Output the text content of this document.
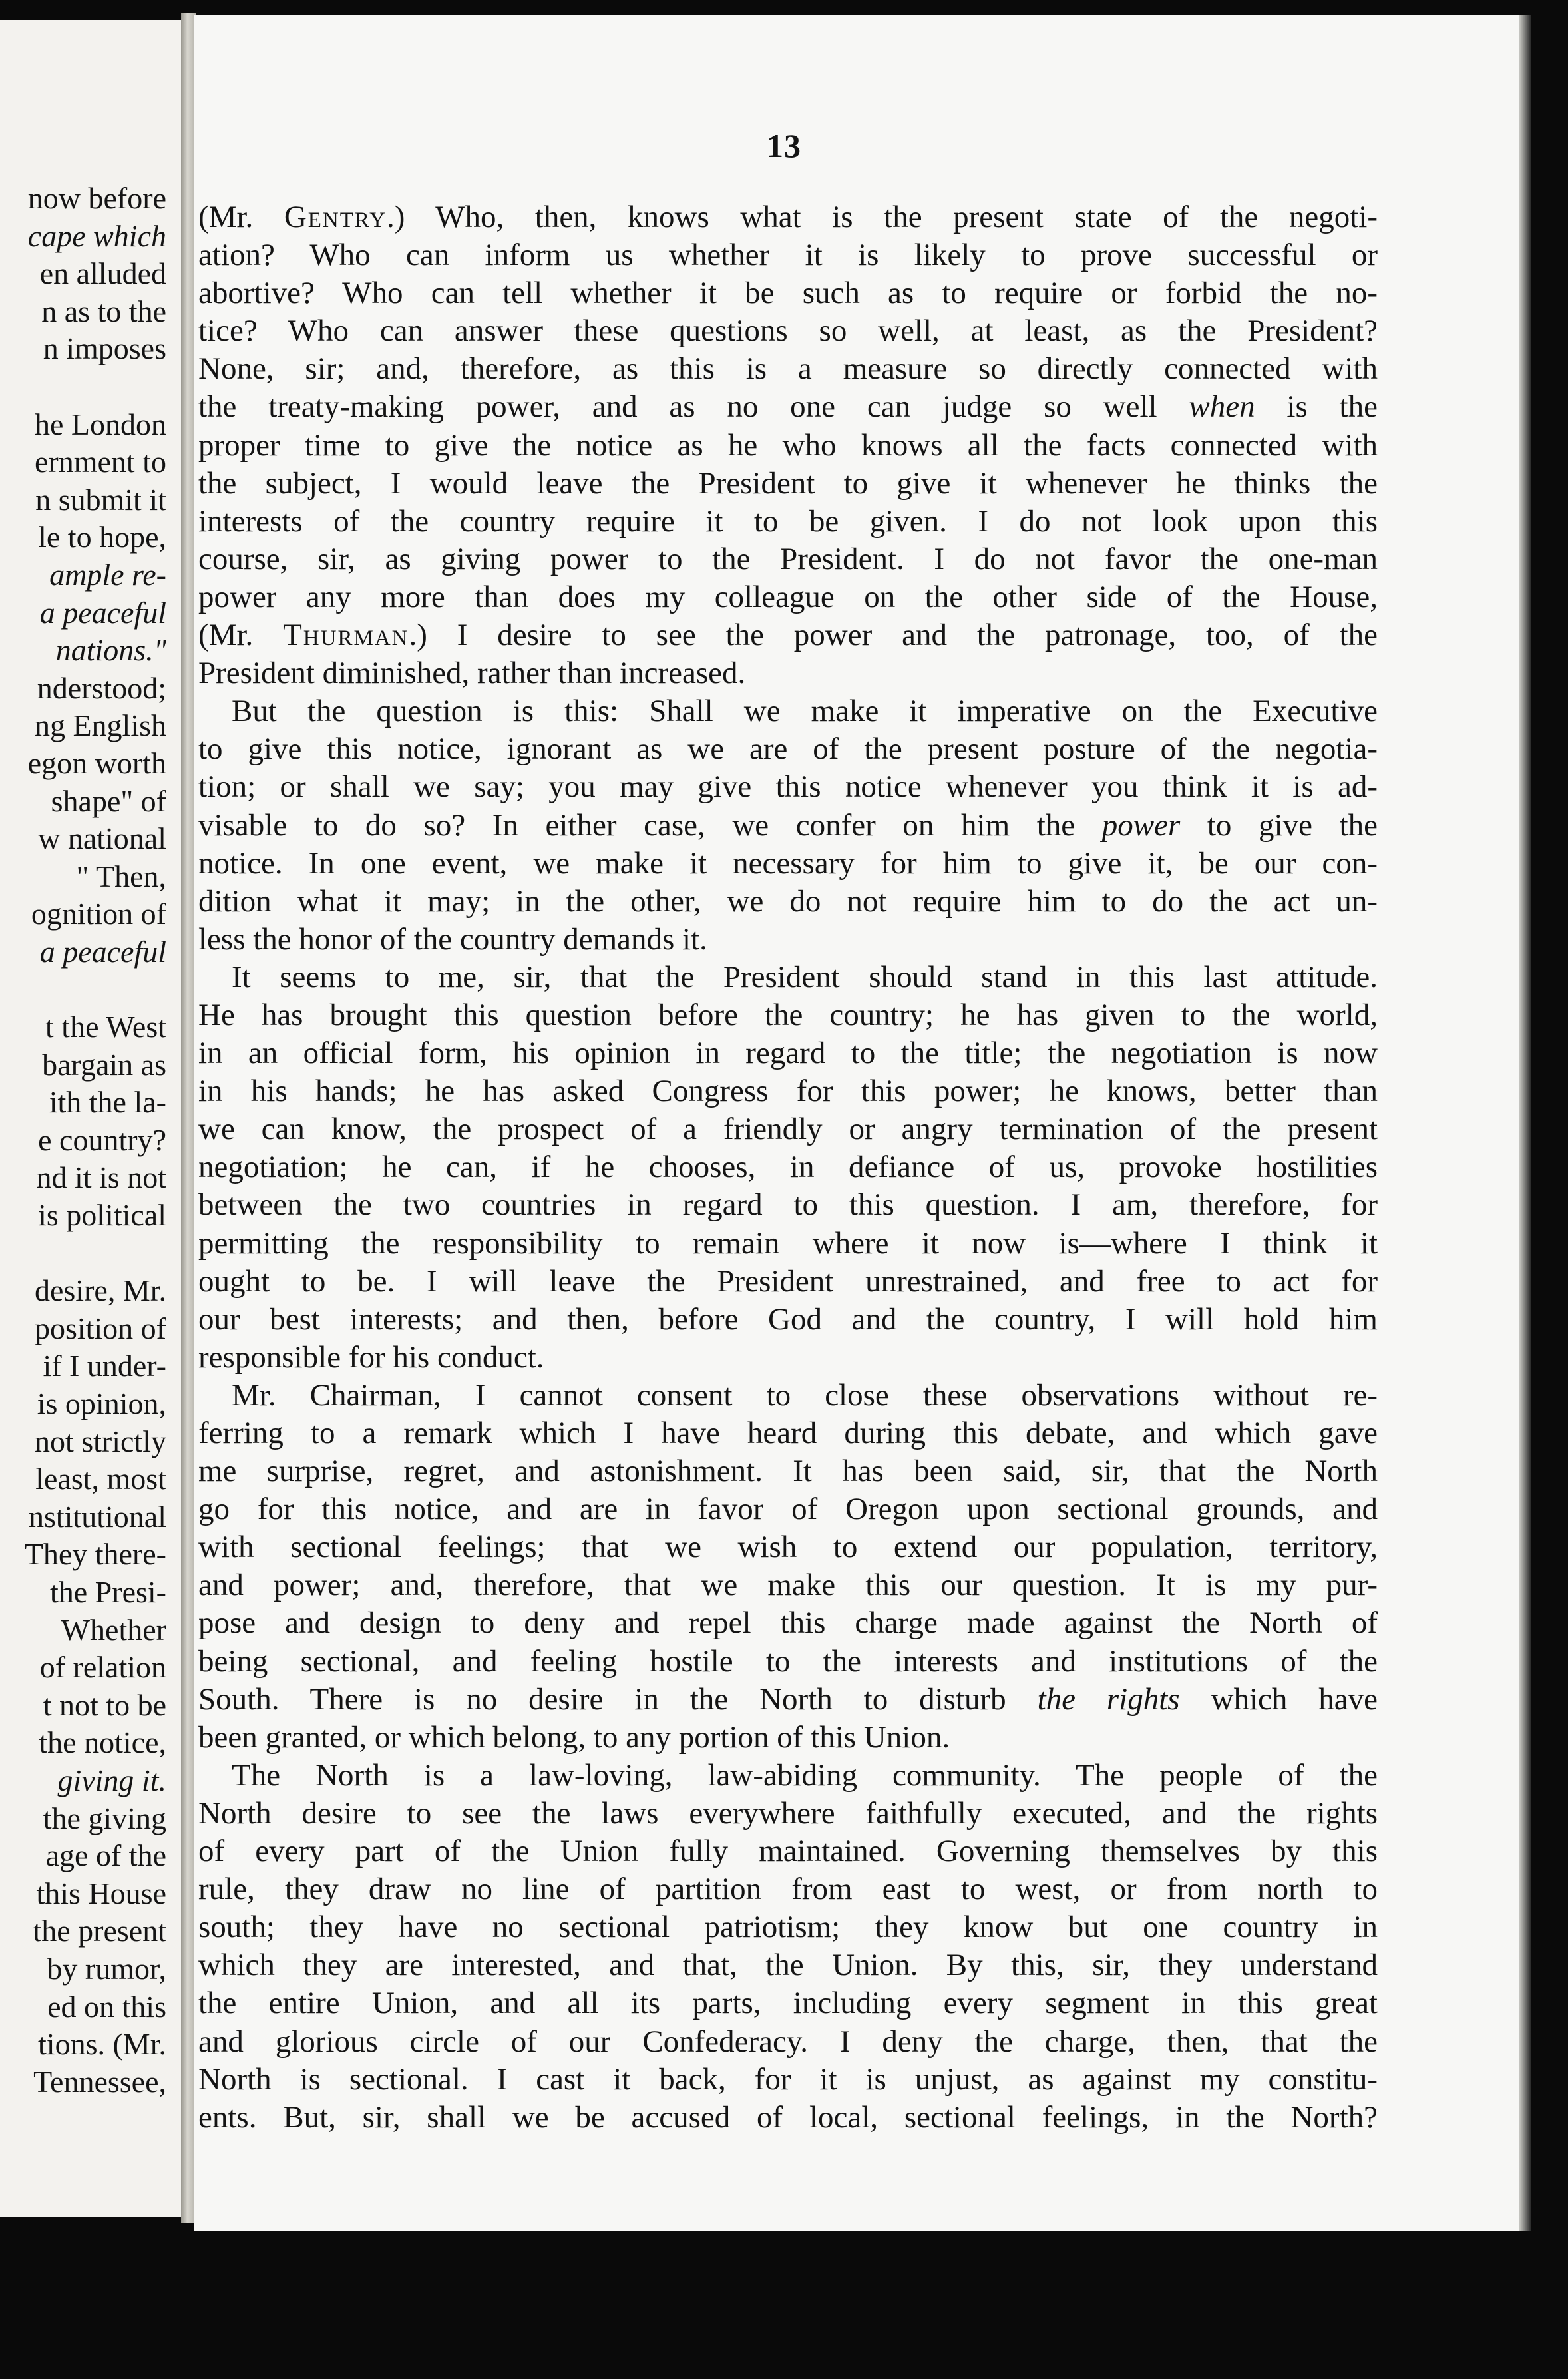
now before
cape which
en alluded
n as to the
n imposes
he London
ernment to
n submit it
le to hope,
ample re-
a peaceful
nations."
nderstood;
ng English
egon worth
shape" of
w national
" Then,
ognition of
a peaceful
t the West
bargain as
ith the la-
e country?
nd it is not
is political
desire, Mr.
position of
if I under-
is opinion,
not strictly
least, most
nstitutional
They there-
the Presi-
Whether
of relation
t not to be
the notice,
giving it.
the giving
age of the
this House
the present
by rumor,
ed on this
tions. (Mr.
Tennessee,
13
(Mr. Gentry.) Who, then, knows what is the present state of the negoti-
ation? Who can inform us whether it is likely to prove successful or
abortive? Who can tell whether it be such as to require or forbid the no-
tice? Who can answer these questions so well, at least, as the President?
None, sir; and, therefore, as this is a measure so directly connected with
the treaty-making power, and as no one can judge so well when is the
proper time to give the notice as he who knows all the facts connected with
the subject, I would leave the President to give it whenever he thinks the
interests of the country require it to be given. I do not look upon this
course, sir, as giving power to the President. I do not favor the one-man
power any more than does my colleague on the other side of the House,
(Mr. Thurman.) I desire to see the power and the patronage, too, of the
President diminished, rather than increased.
But the question is this: Shall we make it imperative on the Executive
to give this notice, ignorant as we are of the present posture of the negotia-
tion; or shall we say; you may give this notice whenever you think it is ad-
visable to do so? In either case, we confer on him the power to give the
notice. In one event, we make it necessary for him to give it, be our con-
dition what it may; in the other, we do not require him to do the act un-
less the honor of the country demands it.
It seems to me, sir, that the President should stand in this last attitude.
He has brought this question before the country; he has given to the world,
in an official form, his opinion in regard to the title; the negotiation is now
in his hands; he has asked Congress for this power; he knows, better than
we can know, the prospect of a friendly or angry termination of the present
negotiation; he can, if he chooses, in defiance of us, provoke hostilities
between the two countries in regard to this question. I am, therefore, for
permitting the responsibility to remain where it now is—where I think it
ought to be. I will leave the President unrestrained, and free to act for
our best interests; and then, before God and the country, I will hold him
responsible for his conduct.
Mr. Chairman, I cannot consent to close these observations without re-
ferring to a remark which I have heard during this debate, and which gave
me surprise, regret, and astonishment. It has been said, sir, that the North
go for this notice, and are in favor of Oregon upon sectional grounds, and
with sectional feelings; that we wish to extend our population, territory,
and power; and, therefore, that we make this our question. It is my pur-
pose and design to deny and repel this charge made against the North of
being sectional, and feeling hostile to the interests and institutions of the
South. There is no desire in the North to disturb the rights which have
been granted, or which belong, to any portion of this Union.
The North is a law-loving, law-abiding community. The people of the
North desire to see the laws everywhere faithfully executed, and the rights
of every part of the Union fully maintained. Governing themselves by this
rule, they draw no line of partition from east to west, or from north to
south; they have no sectional patriotism; they know but one country in
which they are interested, and that, the Union. By this, sir, they understand
the entire Union, and all its parts, including every segment in this great
and glorious circle of our Confederacy. I deny the charge, then, that the
North is sectional. I cast it back, for it is unjust, as against my constitu-
ents. But, sir, shall we be accused of local, sectional feelings, in the North?
